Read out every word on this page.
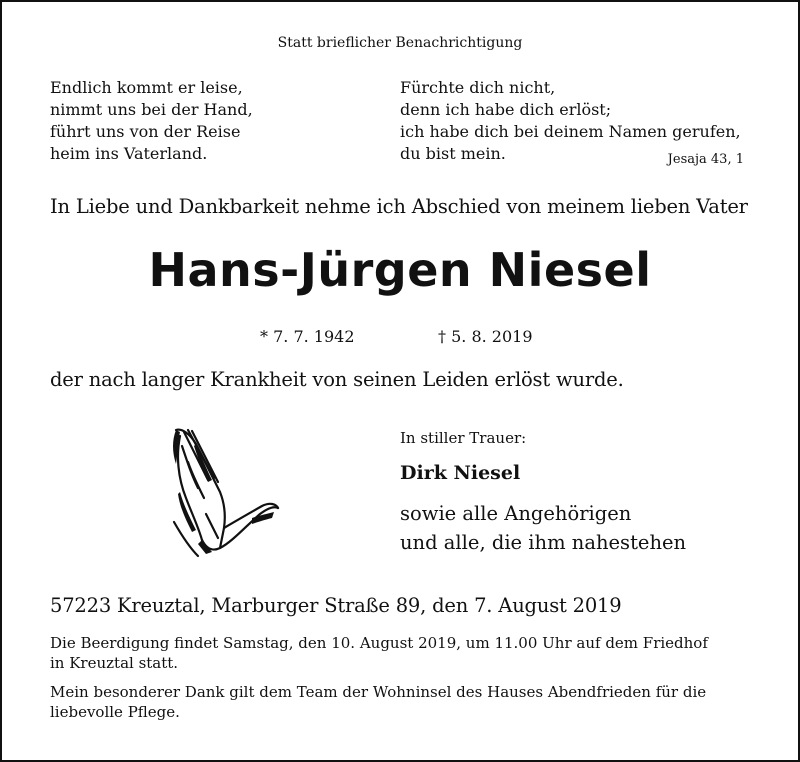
Statt brieflicher Benachrichtigung
Endlich kommt er leise,
nimmt uns bei der Hand,
führt uns von der Reise
heim ins Vaterland.
Fürchte dich nicht,
denn ich habe dich erlöst;
ich habe dich bei deinem Namen gerufen,
du bist mein.	Jesaja 43, 1
In Liebe und Dankbarkeit nehme ich Abschied von meinem lieben Vater
Hans-Jürgen Niesel
* 7. 7. 1942	† 5. 8. 2019
der nach langer Krankheit von seinen Leiden erlöst wurde.
In stiller Trauer:
Dirk Niesel
sowie alle Angehörigen
und alle, die ihm nahestehen
57223 Kreuztal, Marburger Straße 89, den 7. August 2019
Die Beerdigung findet Samstag, den 10. August 2019, um 11.00 Uhr auf dem Friedhof
in Kreuztal statt.
Mein besonderer Dank gilt dem Team der Wohninsel des Hauses Abendfrieden für die
liebevolle Pflege.
